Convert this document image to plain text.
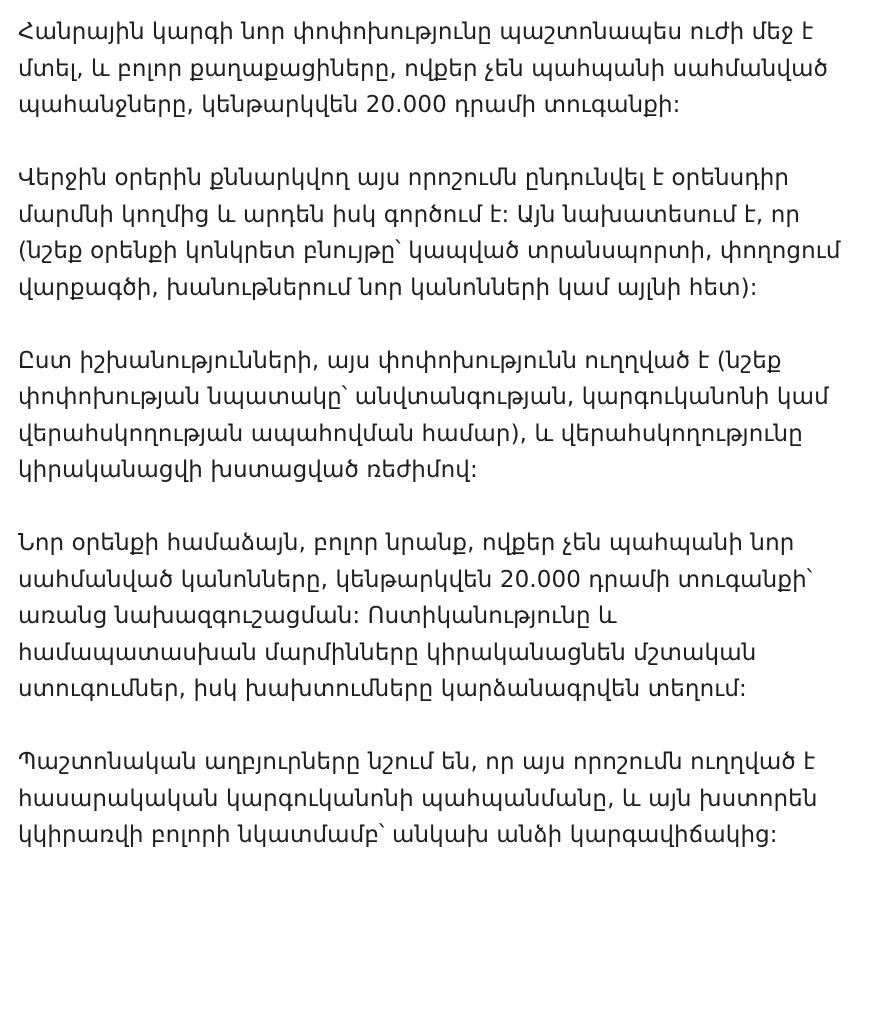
Հանրային կարգի նոր փոփոխությունը պաշտոնապես ուժի մեջ է
մտել, և բոլոր քաղաքացիները, ովքեր չեն պահպանի սահմանված
պահանջները, կենթարկվեն 20.000 դրամի տուգանքի:

Վերջին օրերին քննարկվող այս որոշումն ընդունվել է օրենսդիր
մարմնի կողմից և արդեն իսկ գործում է: Այն նախատեսում է, որ
(նշեք օրենքի կոնկրետ բնույթը՝ կապված տրանսպորտի, փողոցում
վարքագծի, խանութներում նոր կանոնների կամ այլնի հետ):

Ըստ իշխանությունների, այս փոփոխությունն ուղղված է (նշեք
փոփոխության նպատակը՝ անվտանգության, կարգուկանոնի կամ
վերահսկողության ապահովման համար), և վերահսկողությունը
կիրականացվի խստացված ռեժիմով:

Նոր օրենքի համաձայն, բոլոր նրանք, ովքեր չեն պահպանի նոր
սահմանված կանոնները, կենթարկվեն 20.000 դրամի տուգանքի՝
առանց նախազգուշացման: Ոստիկանությունը և
համապատասխան մարմինները կիրականացնեն մշտական
ստուգումներ, իսկ խախտումները կարձանագրվեն տեղում:

Պաշտոնական աղբյուրները նշում են, որ այս որոշումն ուղղված է
հասարակական կարգուկանոնի պահպանմանը, և այն խստորեն
կկիրառվի բոլորի նկատմամբ՝ անկախ անձի կարգավիճակից:
